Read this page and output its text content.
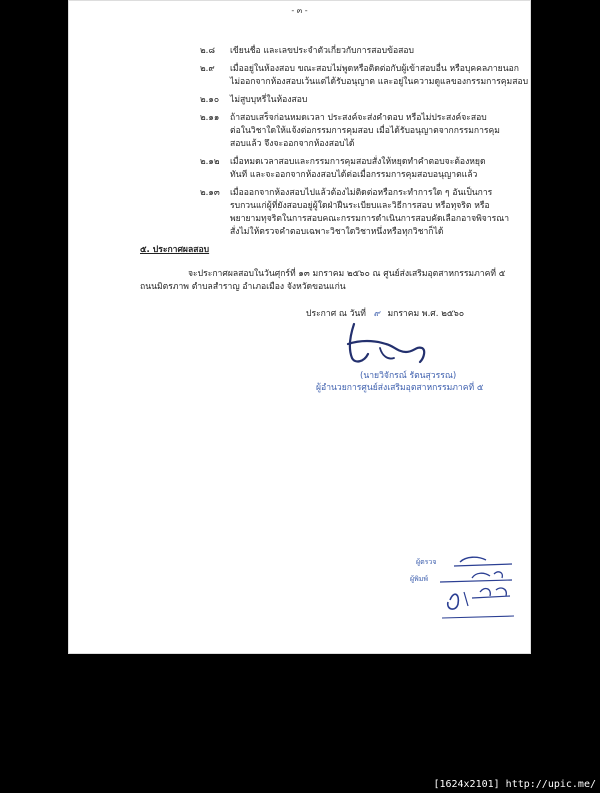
- ๓ -
๒.๘ เขียนชื่อ และเลขประจำตัวเกี่ยวกับการสอบข้อสอบ
๒.๙ เมื่ออยู่ในห้องสอบ ขณะสอบไม่พูดหรือติดต่อกับผู้เข้าสอบอื่น หรือบุคคลภายนอก
ไม่ออกจากห้องสอบเว้นแต่ได้รับอนุญาต และอยู่ในความดูแลของกรรมการคุมสอบ
๒.๑๐ ไม่สูบบุหรี่ในห้องสอบ
๒.๑๑ ถ้าสอบเสร็จก่อนหมดเวลา ประสงค์จะส่งคำตอบ หรือไม่ประสงค์จะสอบ
ต่อในวิชาใดให้แจ้งต่อกรรมการคุมสอบ เมื่อได้รับอนุญาตจากกรรมการคุม
สอบแล้ว จึงจะออกจากห้องสอบได้
๒.๑๒ เมื่อหมดเวลาสอบและกรรมการคุมสอบสั่งให้หยุดทำคำตอบจะต้องหยุด
ทันที และจะออกจากห้องสอบได้ต่อเมื่อกรรมการคุมสอบอนุญาตแล้ว
๒.๑๓ เมื่อออกจากห้องสอบไปแล้วต้องไม่ติดต่อหรือกระทำการใด ๆ อันเป็นการ
รบกวนแก่ผู้ที่ยังสอบอยู่ผู้ใดฝ่าฝืนระเบียบและวิธีการสอบ หรือทุจริต หรือ
พยายามทุจริตในการสอบคณะกรรมการดำเนินการสอบคัดเลือกอาจพิจารณา
สั่งไม่ให้ตรวจคำตอบเฉพาะวิชาใดวิชาหนึ่งหรือทุกวิชาก็ได้
๕. ประกาศผลสอบ
จะประกาศผลสอบในวันศุกร์ที่ ๑๓ มกราคม ๒๕๖๐ ณ ศูนย์ส่งเสริมอุตสาหกรรมภาคที่ ๕
ถนนมิตรภาพ ตำบลสำราญ อำเภอเมือง จังหวัดขอนแก่น
ประกาศ ณ วันที่ ๙ มกราคม พ.ศ. ๒๕๖๐
(นายวิจักรณ์ รัตนสุวรรณ)
ผู้อำนวยการศูนย์ส่งเสริมอุตสาหกรรมภาคที่ ๕
ผู้ตรวจ
ผู้พิมพ์
[1624x2101] http://upic.me/
